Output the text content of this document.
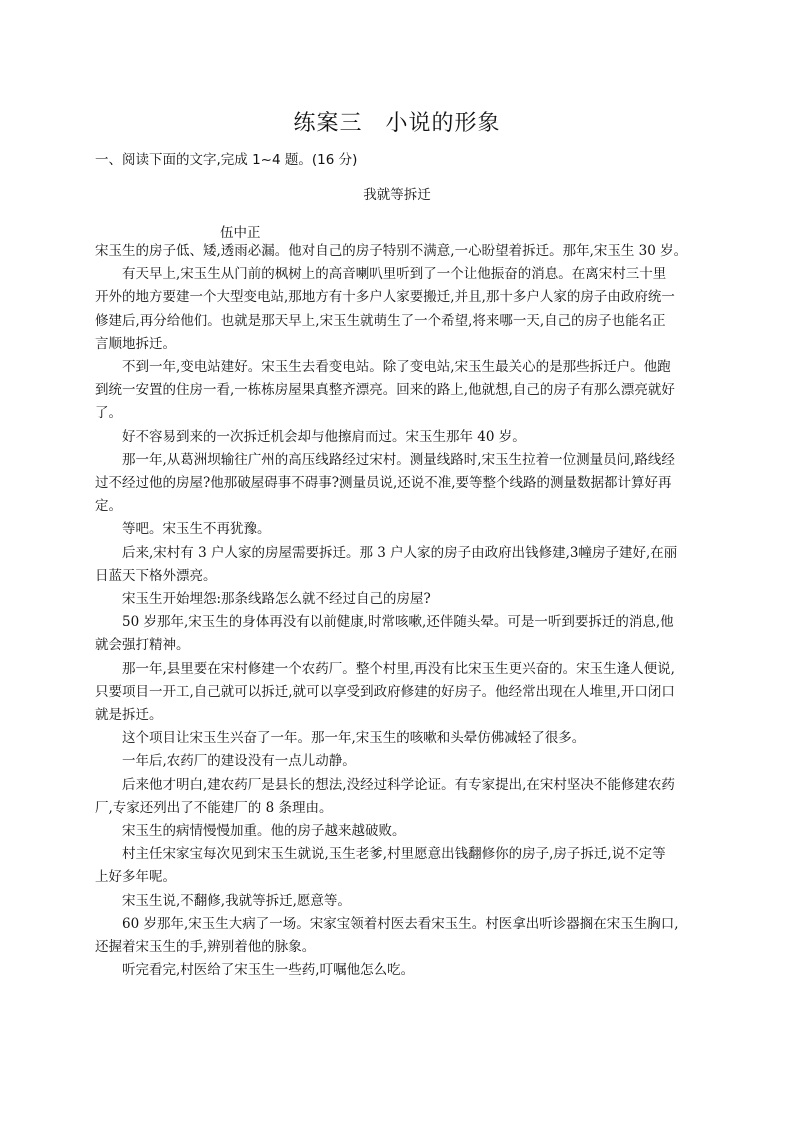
练案三　小说的形象
一、阅读下面的文字,完成 1~4 题。(16 分)
我就等拆迁
伍中正

宋玉生的房子低、矮,透雨必漏。他对自己的房子特别不满意,一心盼望着拆迁。那年,宋玉生 30 岁。

有天早上,宋玉生从门前的枫树上的高音喇叭里听到了一个让他振奋的消息。在离宋村三十里
开外的地方要建一个大型变电站,那地方有十多户人家要搬迁,并且,那十多户人家的房子由政府统一
修建后,再分给他们。也就是那天早上,宋玉生就萌生了一个希望,将来哪一天,自己的房子也能名正
言顺地拆迁。

不到一年,变电站建好。宋玉生去看变电站。除了变电站,宋玉生最关心的是那些拆迁户。他跑
到统一安置的住房一看,一栋栋房屋果真整齐漂亮。回来的路上,他就想,自己的房子有那么漂亮就好
了。

好不容易到来的一次拆迁机会却与他擦肩而过。宋玉生那年 40 岁。

那一年,从葛洲坝输往广州的高压线路经过宋村。测量线路时,宋玉生拉着一位测量员问,路线经
过不经过他的房屋?他那破屋碍事不碍事?测量员说,还说不准,要等整个线路的测量数据都计算好再
定。

等吧。宋玉生不再犹豫。

后来,宋村有 3 户人家的房屋需要拆迁。那 3 户人家的房子由政府出钱修建,3幢房子建好,在丽
日蓝天下格外漂亮。

宋玉生开始埋怨:那条线路怎么就不经过自己的房屋?

50 岁那年,宋玉生的身体再没有以前健康,时常咳嗽,还伴随头晕。可是一听到要拆迁的消息,他
就会强打精神。

那一年,县里要在宋村修建一个农药厂。整个村里,再没有比宋玉生更兴奋的。宋玉生逢人便说,
只要项目一开工,自己就可以拆迁,就可以享受到政府修建的好房子。他经常出现在人堆里,开口闭口
就是拆迁。

这个项目让宋玉生兴奋了一年。那一年,宋玉生的咳嗽和头晕仿佛减轻了很多。

一年后,农药厂的建设没有一点儿动静。

后来他才明白,建农药厂是县长的想法,没经过科学论证。有专家提出,在宋村坚决不能修建农药
厂,专家还列出了不能建厂的 8 条理由。

宋玉生的病情慢慢加重。他的房子越来越破败。

村主任宋家宝每次见到宋玉生就说,玉生老爹,村里愿意出钱翻修你的房子,房子拆迁,说不定等
上好多年呢。

宋玉生说,不翻修,我就等拆迁,愿意等。

60 岁那年,宋玉生大病了一场。宋家宝领着村医去看宋玉生。村医拿出听诊器搁在宋玉生胸口,
还握着宋玉生的手,辨别着他的脉象。

听完看完,村医给了宋玉生一些药,叮嘱他怎么吃。
